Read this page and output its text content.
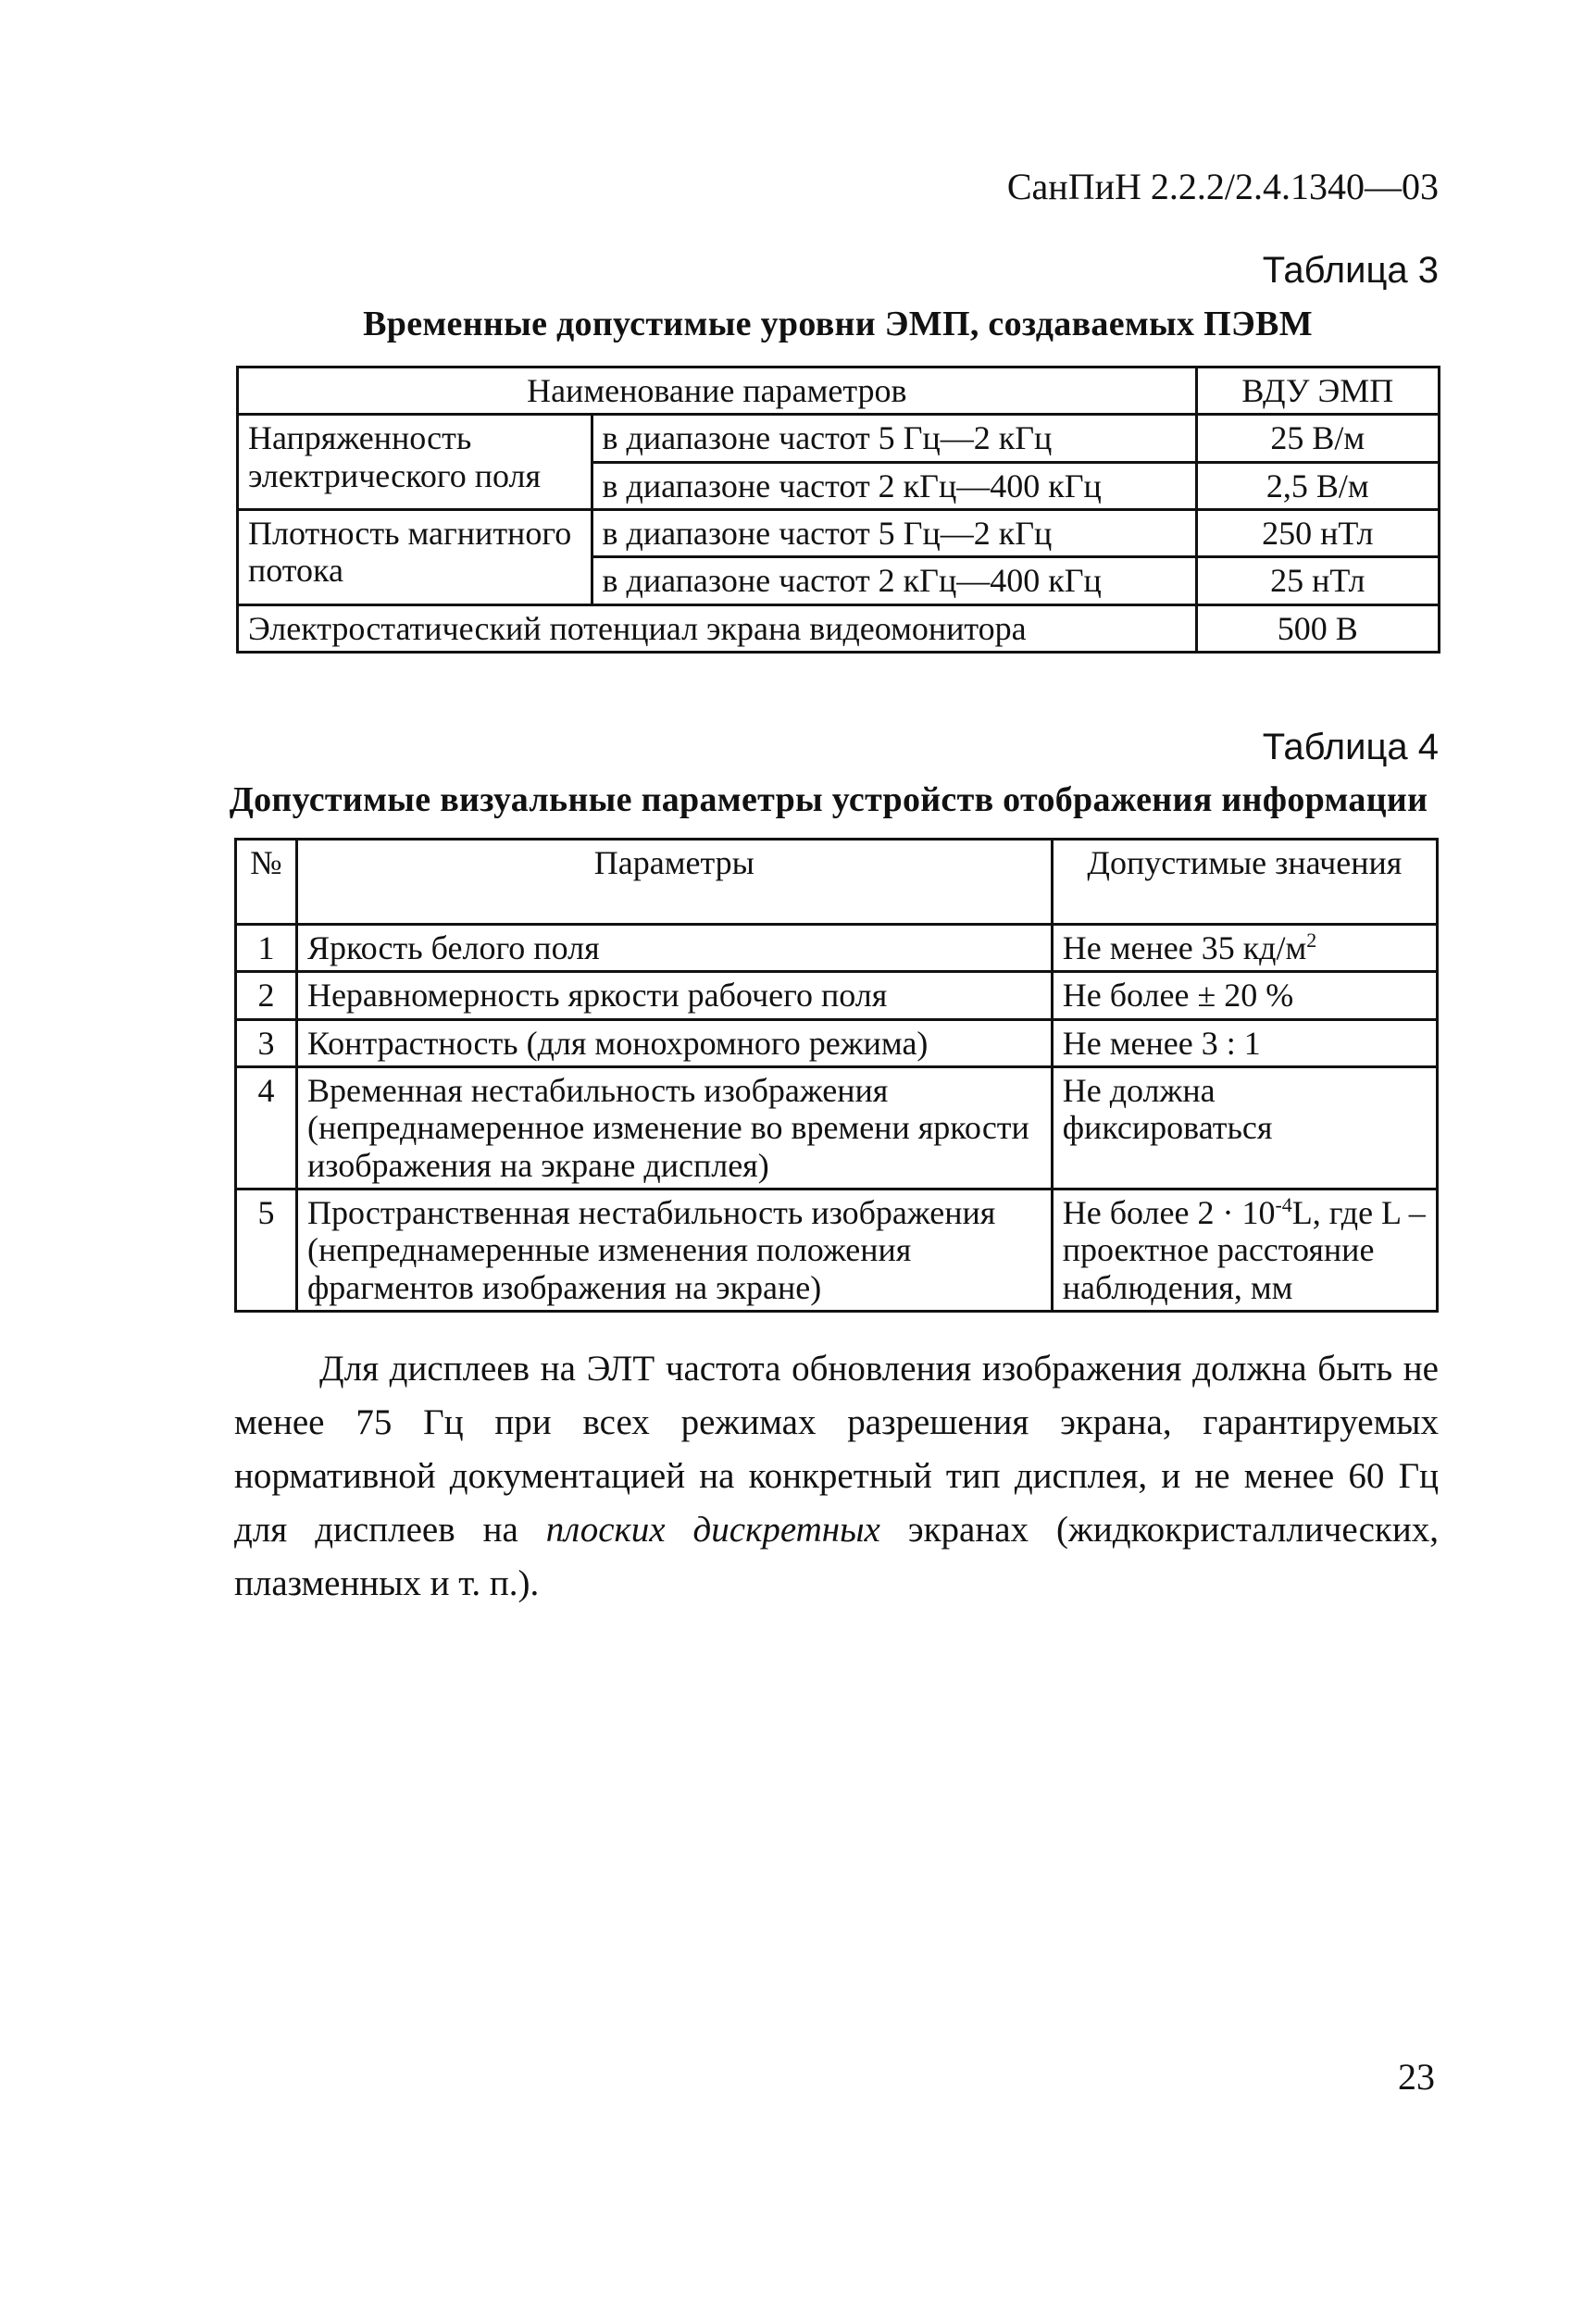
СанПиН 2.2.2/2.4.1340—03
Таблица 3
Временные допустимые уровни ЭМП, создаваемых ПЭВМ
Наименование параметров		ВДУ ЭМП
Напряженность электрического поля	в диапазоне частот 5 Гц—2 кГц	25 В/м
	в диапазоне частот 2 кГц—400 кГц	2,5 В/м
Плотность магнитного потока	в диапазоне частот 5 Гц—2 кГц	250 нТл
	в диапазоне частот 2 кГц—400 кГц	25 нТл
Электростатический потенциал экрана видеомонитора		500 В
Таблица 4
Допустимые визуальные параметры устройств отображения информации
№	Параметры	Допустимые значения
1	Яркость белого поля	Не менее 35 $кд/м^2$
2	Неравномерность яркости рабочего поля	Не более ± 20 %
3	Контрастность (для монохромного режима)	Не менее 3 : 1
4	Временная нестабильность изображения (непреднамеренное изменение во времени яркости изображения на экране дисплея)	Не должна фиксироваться
5	Пространственная нестабильность изображения (непреднамеренные изменения положения фрагментов изображения на экране)	Не более $2 \cdot 10^{-4}L$, где L – проектное расстояние наблюдения, мм

Для дисплеев на ЭЛТ частота обновления изображения должна быть не менее 75 Гц при всех режимах разрешения экрана, гарантируемых нормативной документацией на конкретный тип дисплея, и не менее 60 Гц для дисплеев на плоских дискретных экранах (жидкокристаллических, плазменных и т. п.).

23
